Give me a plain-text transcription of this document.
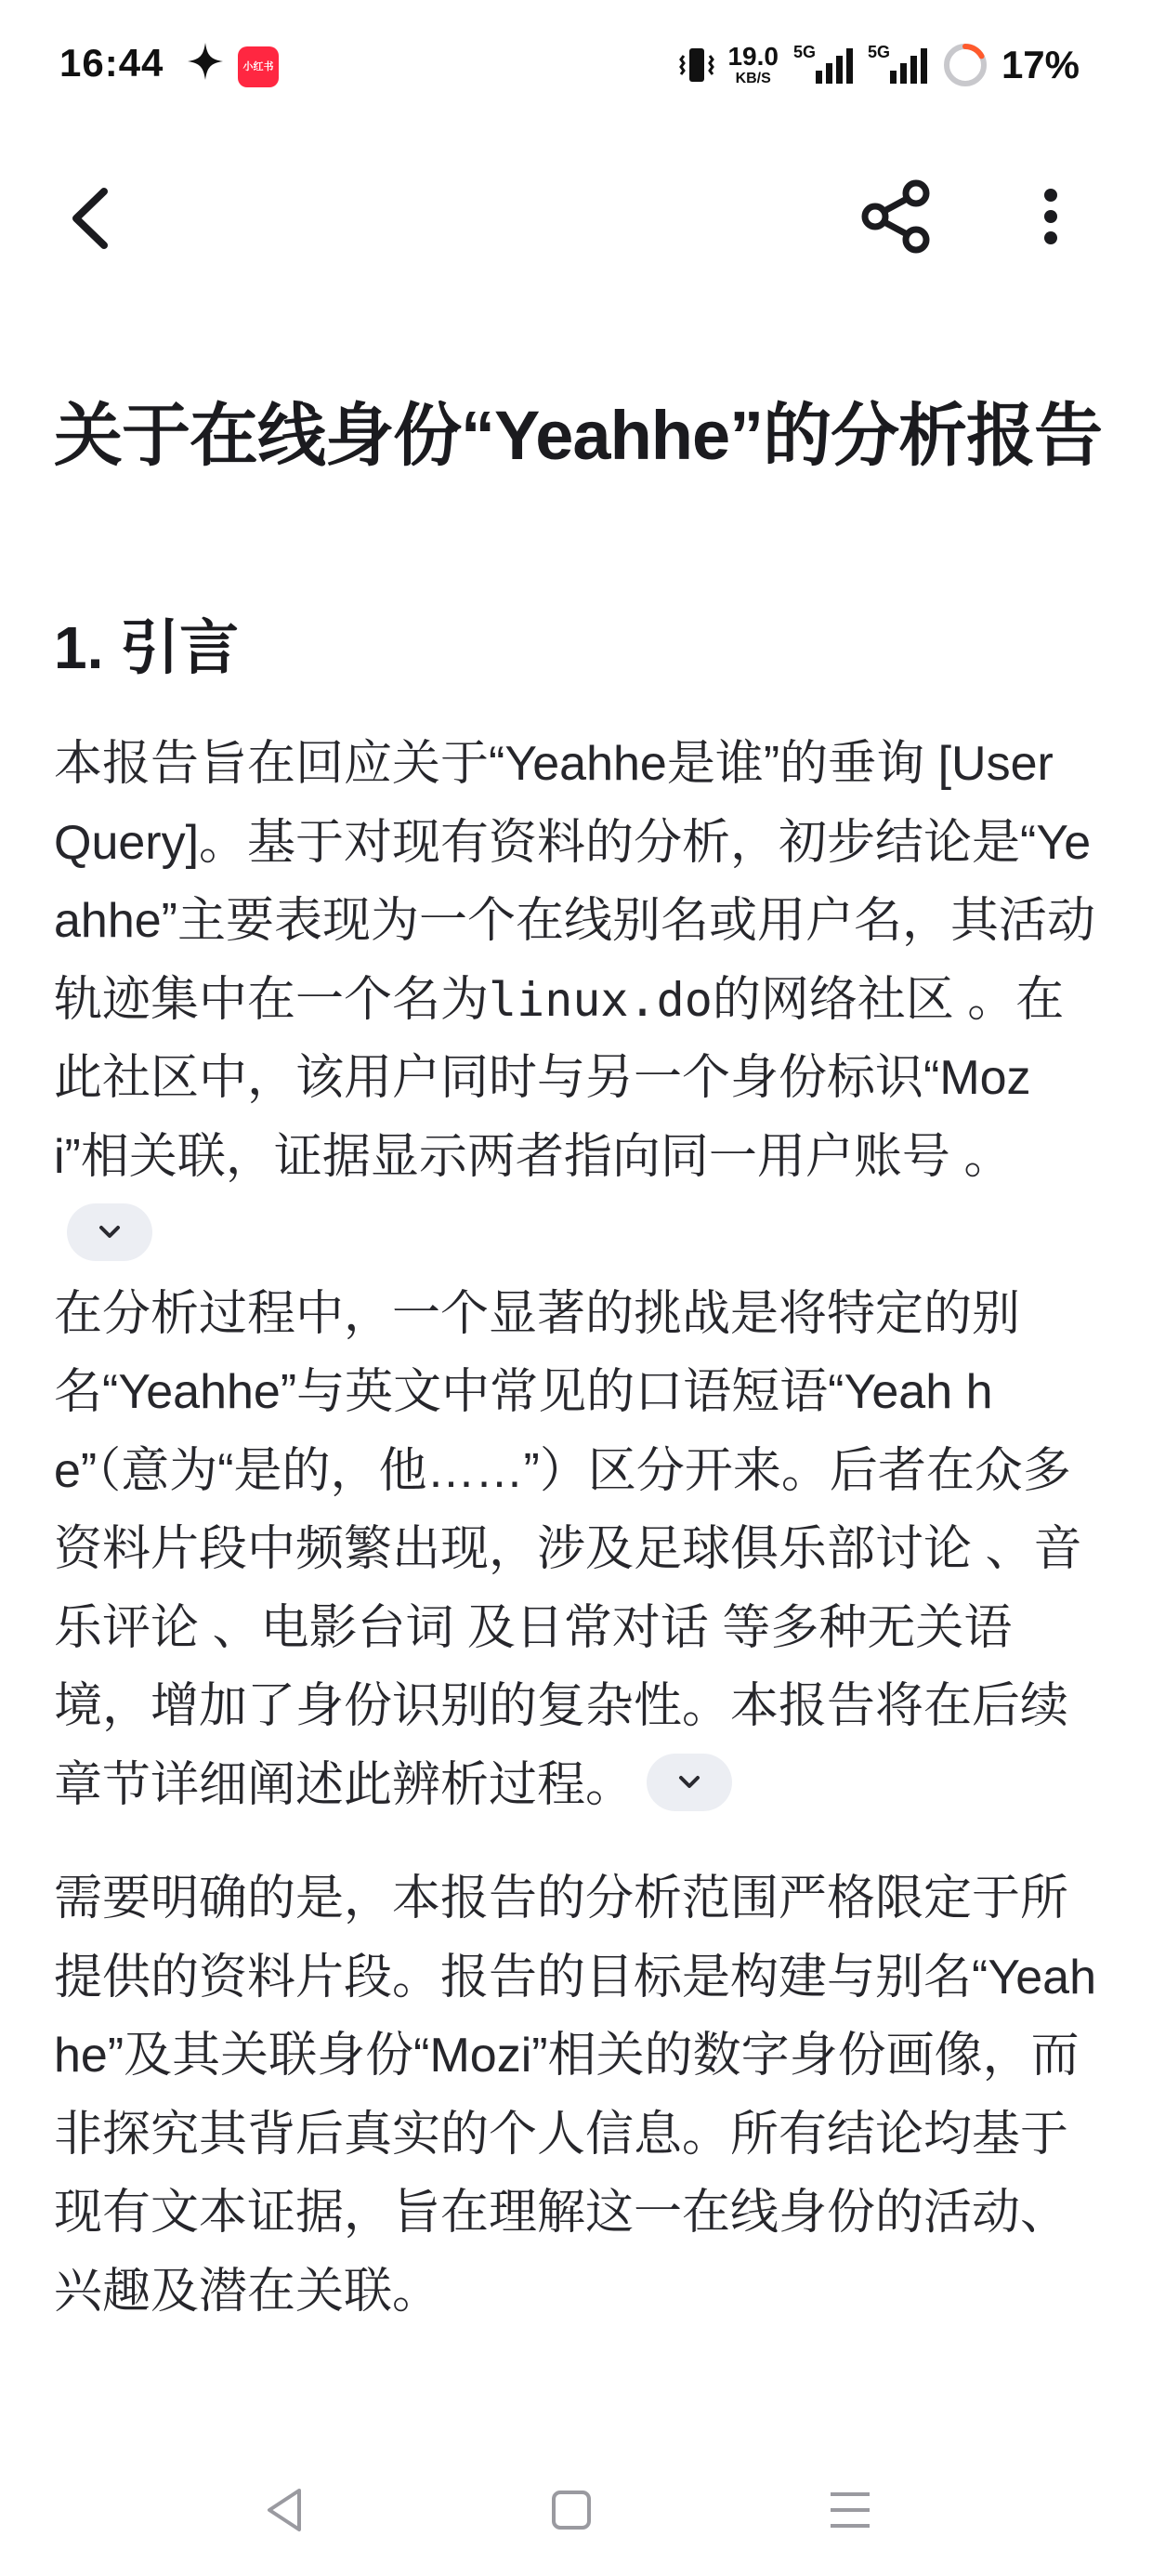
16:44	小红书	19.0
KB/S
5G	5G	17%
关于在线身份“Yeahhe”的分析报告
1. 引言

本报告旨在回应关于“Yeahhe是谁”的垂询 [User Query]。基于对现有资料的分析，初步结论是“Yeahhe”主要表现为一个在线别名或用户名，其活动轨迹集中在一个名为linux.do的网络社区 。在此社区中，该用户同时与另一个身份标识“Mozi”相关联，证据显示两者指向同一用户账号 。

在分析过程中，一个显著的挑战是将特定的别名“Yeahhe”与英文中常见的口语短语“Yeah he”（意为“是的，他……”）区分开来。后者在众多资料片段中频繁出现，涉及足球俱乐部讨论 、音乐评论 、电影台词 及日常对话 等多种无关语境，增加了身份识别的复杂性。本报告将在后续章节详细阐述此辨析过程。

需要明确的是，本报告的分析范围严格限定于所提供的资料片段。报告的目标是构建与别名“Yeahhe”及其关联身份“Mozi”相关的数字身份画像，而非探究其背后真实的个人信息。所有结论均基于现有文本证据，旨在理解这一在线身份的活动、兴趣及潜在关联。
